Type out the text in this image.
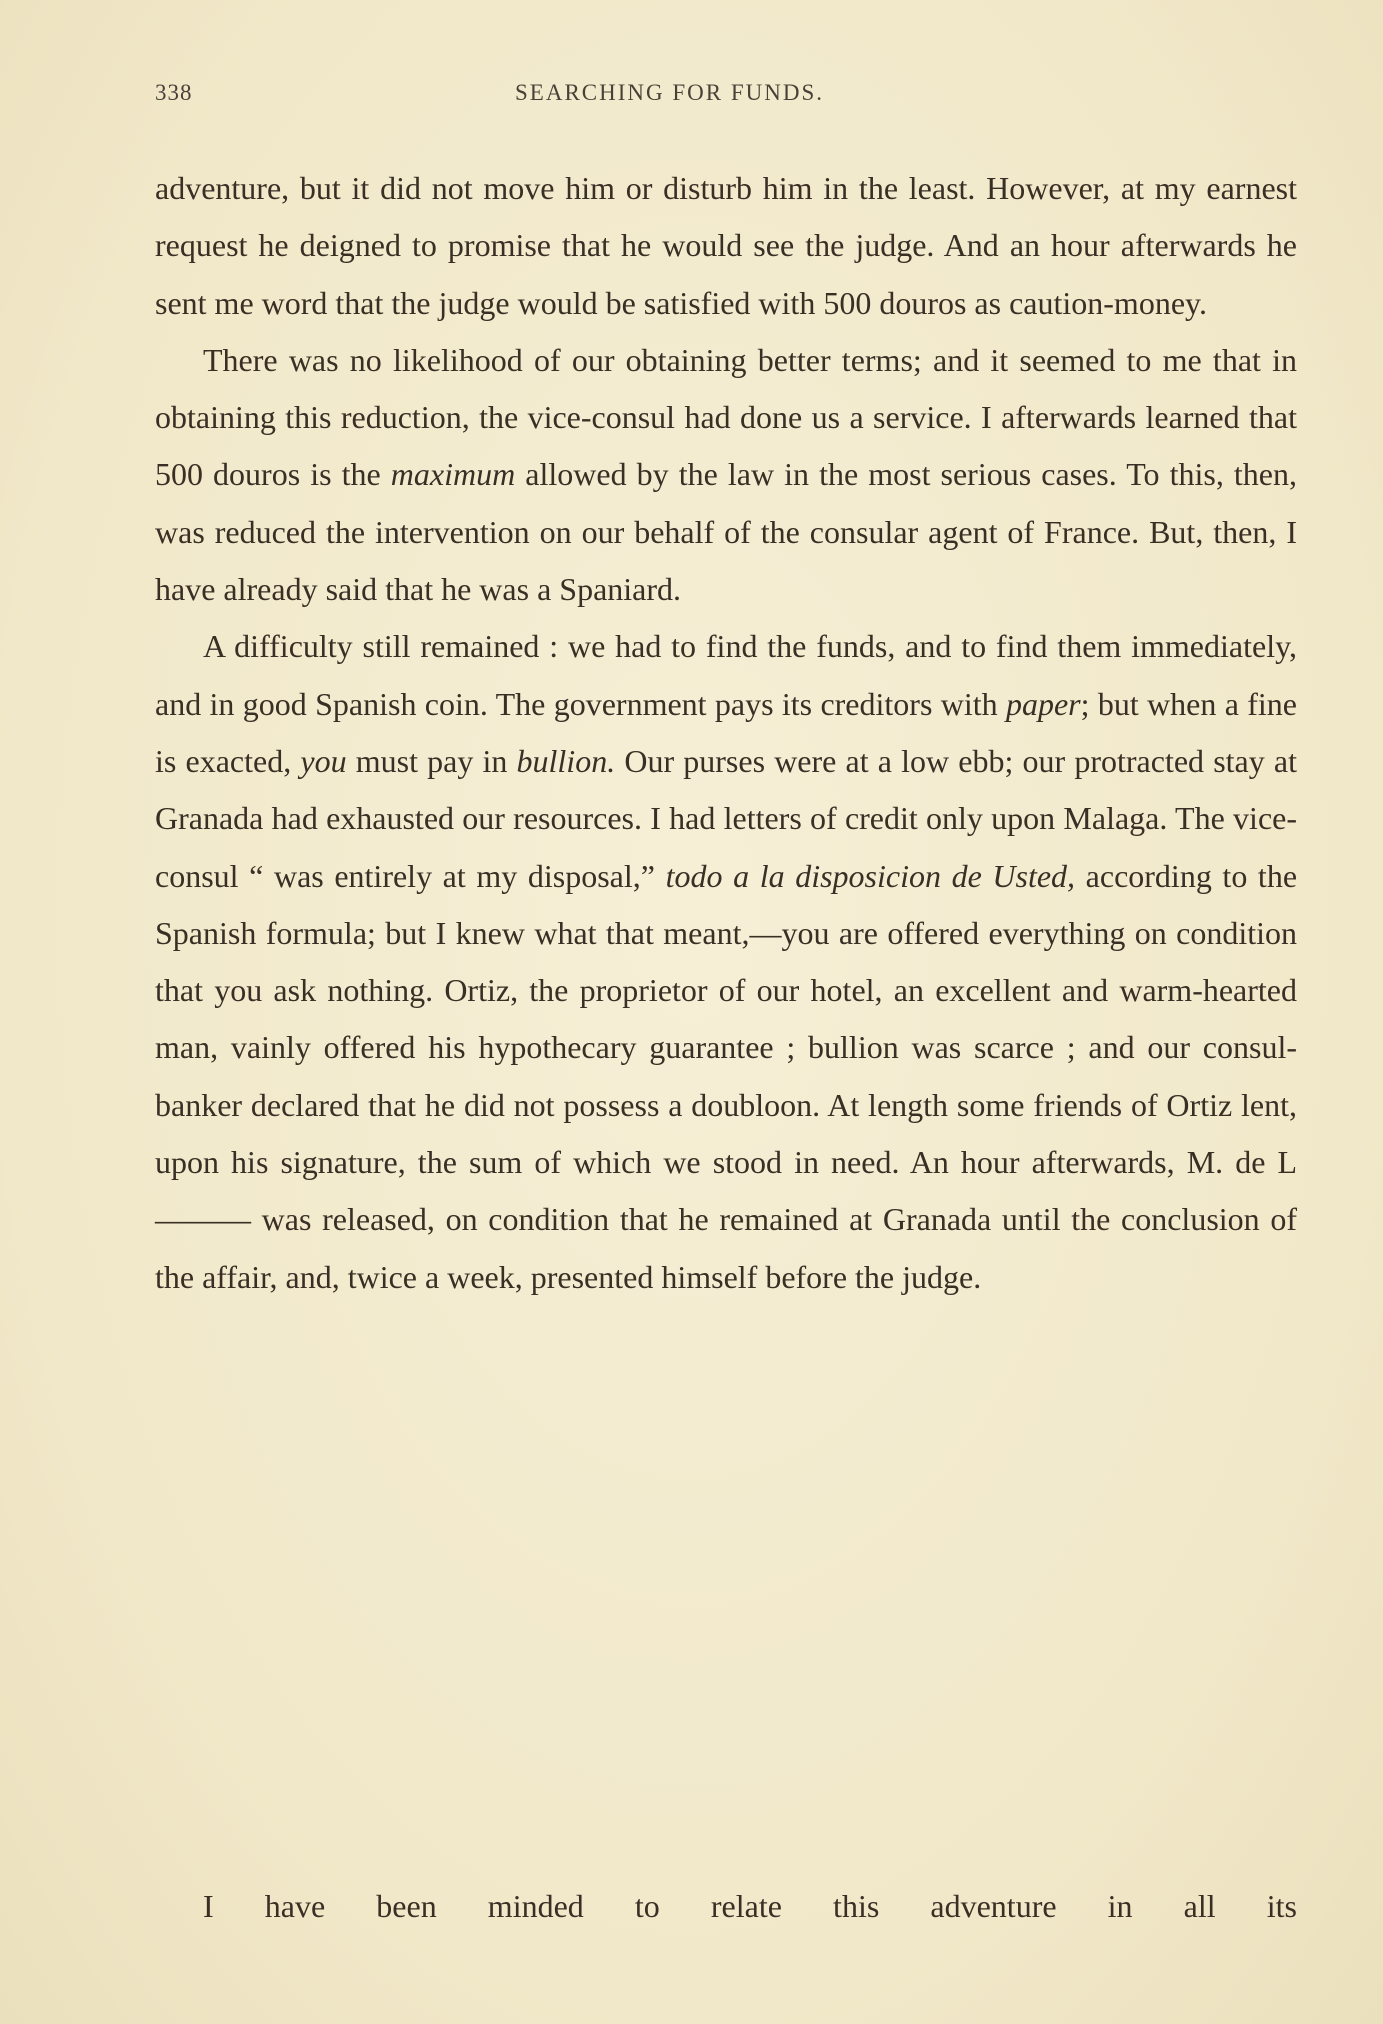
338	SEARCHING FOR FUNDS.

adventure, but it did not move him or disturb him in the least. However, at my earnest request he deigned to promise that he would see the judge. And an hour afterwards he sent me word that the judge would be satisfied with 500 douros as caution-money.

There was no likelihood of our obtaining better terms; and it seemed to me that in obtaining this reduction, the vice-consul had done us a service. I afterwards learned that 500 douros is the maximum allowed by the law in the most serious cases. To this, then, was reduced the intervention on our behalf of the consular agent of France. But, then, I have already said that he was a Spaniard.

A difficulty still remained : we had to find the funds, and to find them immediately, and in good Spanish coin. The government pays its creditors with paper; but when a fine is exacted, you must pay in bullion. Our purses were at a low ebb; our protracted stay at Granada had exhausted our resources. I had letters of credit only upon Malaga. The vice-consul “ was entirely at my disposal,” todo a la disposicion de Usted, according to the Spanish formula; but I knew what that meant,—you are offered everything on condition that you ask nothing. Ortiz, the proprietor of our hotel, an excellent and warm-hearted man, vainly offered his hypothecary guarantee ; bullion was scarce ; and our consul-banker declared that he did not possess a doubloon. At length some friends of Ortiz lent, upon his signature, the sum of which we stood in need. An hour afterwards, M. de L——— was released, on condition that he remained at Granada until the conclusion of the affair, and, twice a week, presented himself before the judge.

I have been minded to relate this adventure in all its
